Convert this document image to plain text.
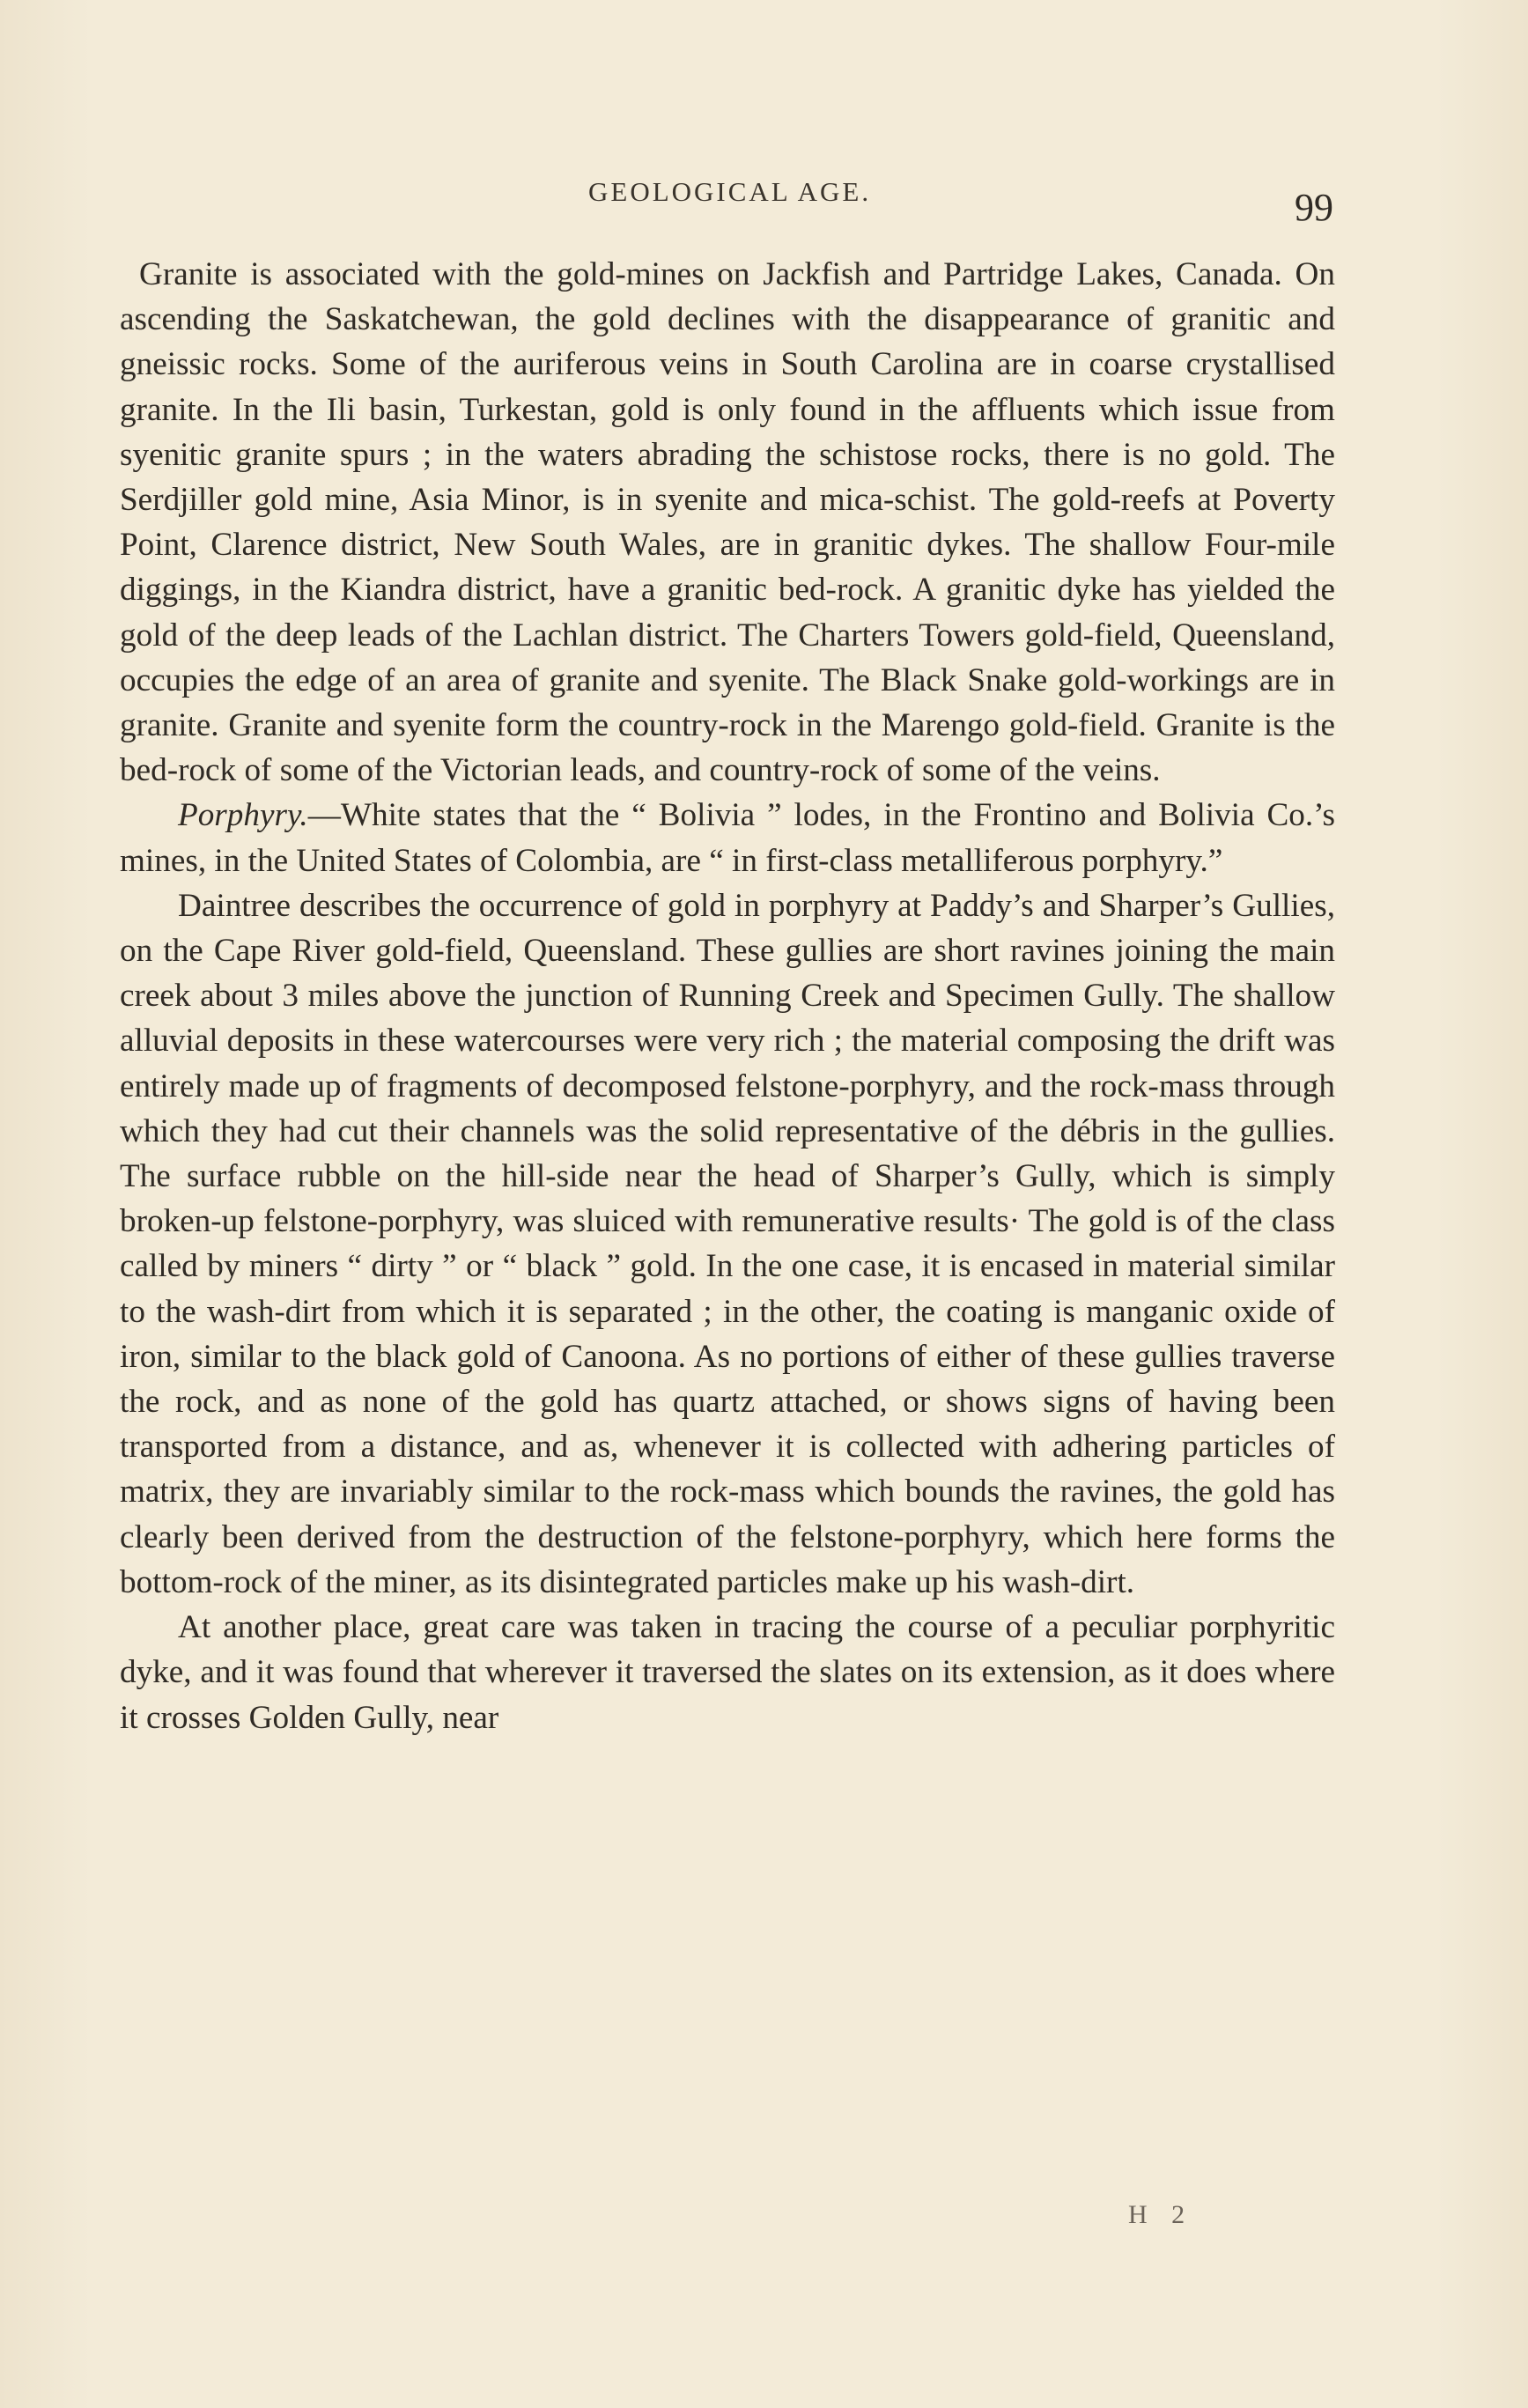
GEOLOGICAL AGE.	99

Granite is associated with the gold-mines on Jackfish and Partridge Lakes, Canada. On ascending the Saskatchewan, the gold declines with the disappearance of granitic and gneissic rocks. Some of the auriferous veins in South Carolina are in coarse crystallised granite. In the Ili basin, Turkestan, gold is only found in the affluents which issue from syenitic granite spurs ; in the waters abrading the schistose rocks, there is no gold. The Serdjiller gold mine, Asia Minor, is in syenite and mica-schist. The gold-reefs at Poverty Point, Clarence district, New South Wales, are in granitic dykes. The shallow Four-mile diggings, in the Kiandra district, have a granitic bed-rock. A granitic dyke has yielded the gold of the deep leads of the Lachlan district. The Charters Towers gold-field, Queensland, occupies the edge of an area of granite and syenite. The Black Snake gold-workings are in granite. Granite and syenite form the country-rock in the Marengo gold-field. Granite is the bed-rock of some of the Victorian leads, and country-rock of some of the veins.

Porphyry.—White states that the “ Bolivia ” lodes, in the Frontino and Bolivia Co.’s mines, in the United States of Colombia, are “ in first-class metalliferous porphyry.”

Daintree describes the occurrence of gold in porphyry at Paddy’s and Sharper’s Gullies, on the Cape River gold-field, Queensland. These gullies are short ravines joining the main creek about 3 miles above the junction of Running Creek and Specimen Gully. The shallow alluvial deposits in these watercourses were very rich ; the material composing the drift was entirely made up of fragments of decomposed felstone-porphyry, and the rock-mass through which they had cut their channels was the solid representative of the débris in the gullies. The surface rubble on the hill-side near the head of Sharper’s Gully, which is simply broken-up felstone-porphyry, was sluiced with remunerative results· The gold is of the class called by miners “ dirty ” or “ black ” gold. In the one case, it is encased in material similar to the wash-dirt from which it is separated ; in the other, the coating is manganic oxide of iron, similar to the black gold of Canoona. As no portions of either of these gullies traverse the rock, and as none of the gold has quartz attached, or shows signs of having been transported from a distance, and as, whenever it is collected with adhering particles of matrix, they are invariably similar to the rock-mass which bounds the ravines, the gold has clearly been derived from the destruction of the felstone-porphyry, which here forms the bottom-rock of the miner, as its disintegrated particles make up his wash-dirt.

At another place, great care was taken in tracing the course of a peculiar porphyritic dyke, and it was found that wherever it traversed the slates on its extension, as it does where it crosses Golden Gully, near

H 2
